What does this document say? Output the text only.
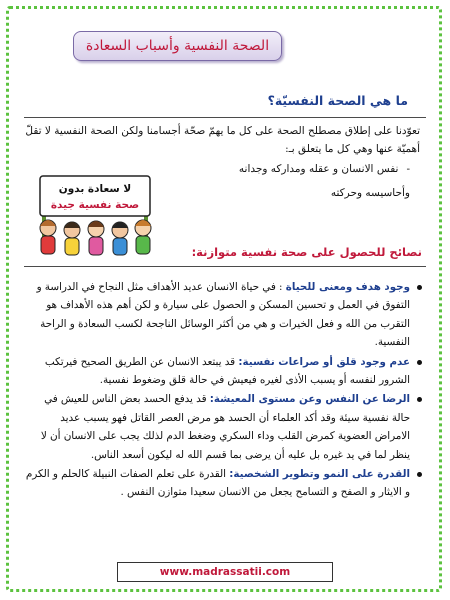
الصحة النفسية وأسباب السعادة
ما هي الصحة النفسيّة؟
تعوّدنا على إطلاق مصطلح الصحة على كل ما يهمّ صحّة أجسامنا ولكن الصحة النفسية لا تقلّ أهميّة عنها وهي كل ما يتعلق بـ:
-نفس الانسان و عقله ومداركه وجدانه وأحاسيسه وحركته
لا سعادة بدون
صحة نفسية جيدة
نصائح للحصول على صحة نفسية متوازنة:
وجود هدف ومعنى للحياة : في حياة الانسان عديد الأهداف مثل النجاح في الدراسة و التفوق في العمل و تحسين المسكن و الحصول على سيارة و لكن أهم هذه الأهداف هو التقرب من الله و فعل الخيرات و هي من أكثر الوسائل الناجحة لكسب السعادة و الراحة النفسية.
عدم وجود قلق أو صراعات نفسية: قد يبتعد الانسان عن الطريق الصحيح فيرتكب الشرور لنفسه أو يسبب الأذى لغيره فيعيش في حالة قلق وضغوط نفسية.
الرضا عن النفس وعن مستوى المعيشة: قد يدفع الحسد بعض الناس للعيش في حالة نفسية سيئة وقد أكد العلماء أن الحسد هو مرض العصر القاتل فهو يسبب عديد الامراض العضوية كمرض القلب وداء السكري وضغط الدم لذلك يجب على الانسان أن لا ينظر لما في يد غيره بل عليه أن يرضى بما قسم الله له ليكون أسعد الناس.
القدرة على النمو وتطوير الشخصية: القدرة على تعلم الصفات النبيلة كالحلم و الكرم و الايثار و الصفح و التسامح يجعل من الانسان سعيدا متوازن النفس .
www.madrassatii.com
